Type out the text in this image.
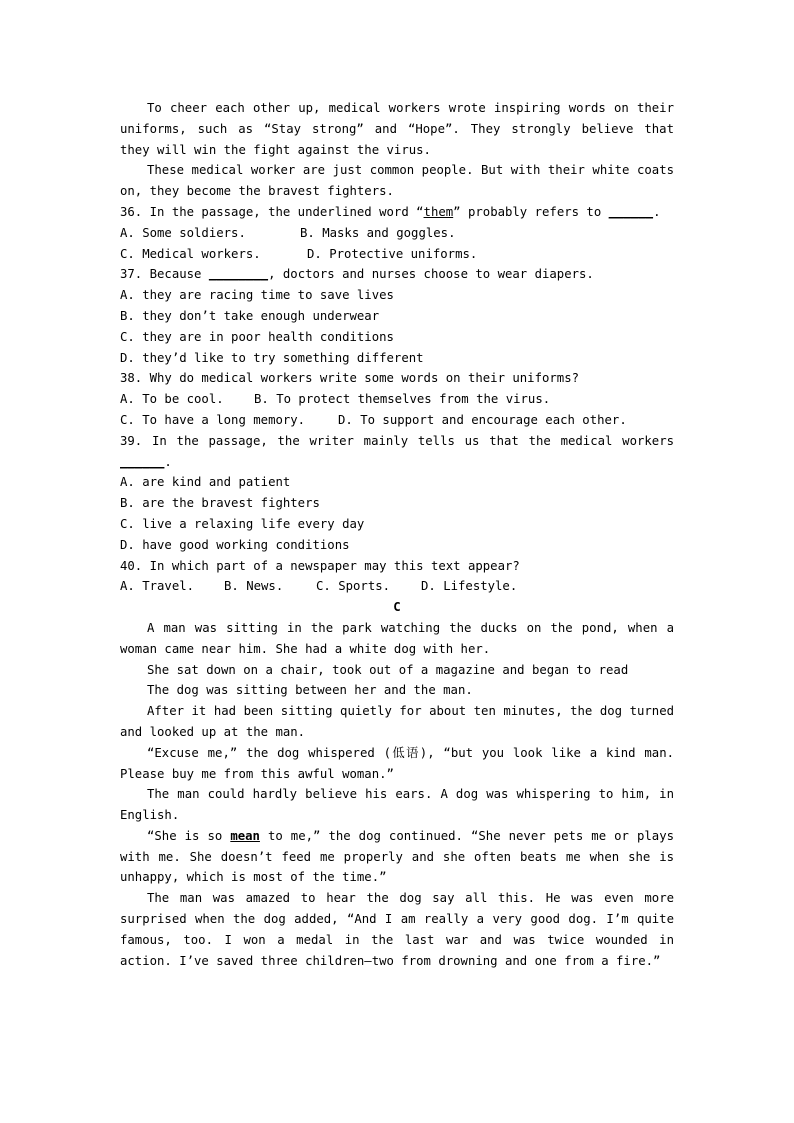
To cheer each other up, medical workers wrote inspiring words on their uniforms, such as “Stay strong” and “Hope”. They strongly believe that they will win the fight against the virus.

These medical worker are just common people. But with their white coats on, they become the bravest fighters.

36. In the passage, the underlined word “them” probably refers to ______.

A. Some soldiers.	B. Masks and goggles.
C. Medical workers.	D. Protective uniforms.

37. Because ________, doctors and nurses choose to wear diapers.

A. they are racing time to save lives

B. they don’t take enough underwear

C. they are in poor health conditions

D. they’d like to try something different

38. Why do medical workers write some words on their uniforms?

A. To be cool.	B. To protect themselves from the virus.
C. To have a long memory.	D. To support and encourage each other.

39. In the passage, the writer mainly tells us that the medical workers ______.

A. are kind and patient

B. are the bravest fighters

C. live a relaxing life every day

D. have good working conditions

40. In which part of a newspaper may this text appear?

A. Travel.	B. News.	C. Sports.	D. Lifestyle.

C

A man was sitting in the park watching the ducks on the pond, when a woman came near him. She had a white dog with her.

She sat down on a chair, took out of a magazine and began to read

The dog was sitting between her and the man.

After it had been sitting quietly for about ten minutes, the dog turned and looked up at the man.

“Excuse me,” the dog whispered (低语), “but you look like a kind man. Please buy me from this awful woman.”

The man could hardly believe his ears. A dog was whispering to him, in English.

“She is so mean to me,” the dog continued. “She never pets me or plays with me. She doesn’t feed me properly and she often beats me when she is unhappy, which is most of the time.”

The man was amazed to hear the dog say all this. He was even more surprised when the dog added, “And I am really a very good dog. I’m quite famous, too. I won a medal in the last war and was twice wounded in action. I’ve saved three children—two from drowning and one from a fire.”
